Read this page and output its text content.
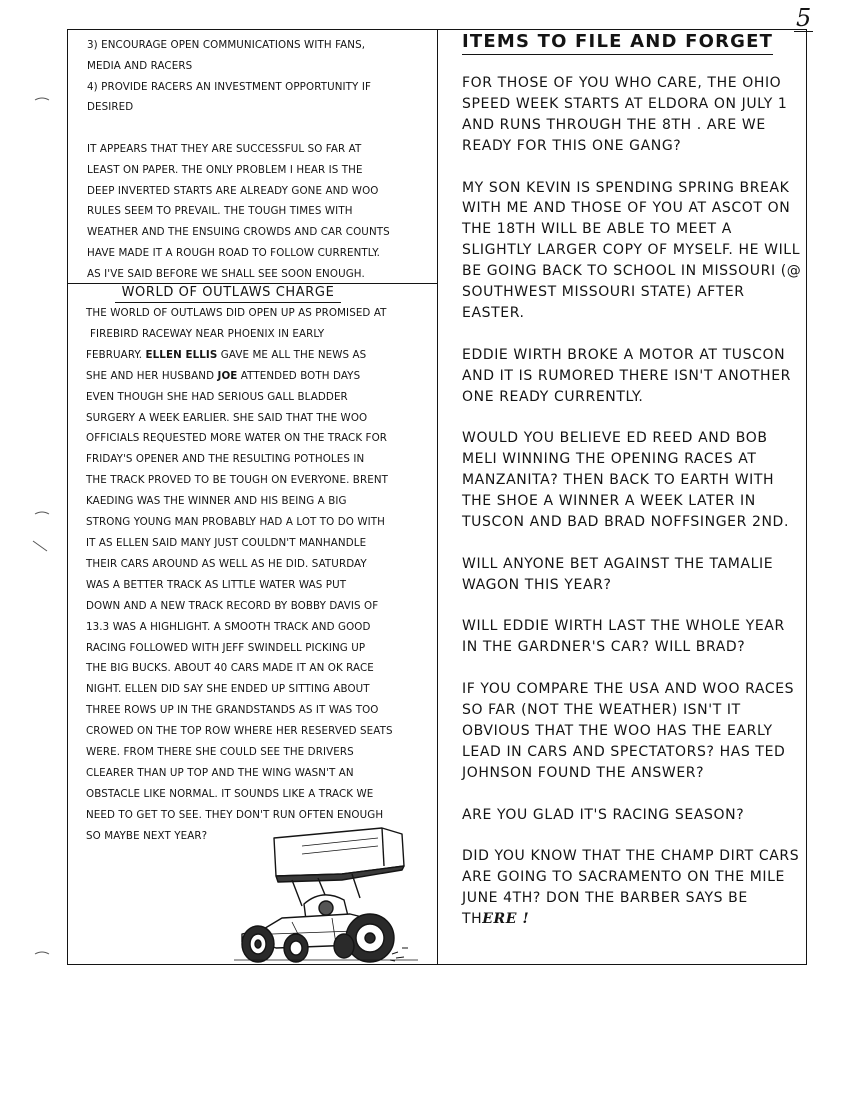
5

3) ENCOURAGE OPEN COMMUNICATIONS WITH FANS,

MEDIA AND RACERS

4) PROVIDE RACERS AN INVESTMENT OPPORTUNITY IF

DESIRED

IT APPEARS THAT THEY ARE SUCCESSFUL SO FAR AT

LEAST ON PAPER. THE ONLY PROBLEM I HEAR IS THE

DEEP INVERTED STARTS ARE ALREADY GONE AND WOO

RULES SEEM TO PREVAIL. THE TOUGH TIMES WITH

WEATHER AND THE ENSUING CROWDS AND CAR COUNTS

HAVE MADE IT A ROUGH ROAD TO FOLLOW CURRENTLY.

AS I'VE SAID BEFORE WE SHALL SEE SOON ENOUGH.

WORLD OF OUTLAWS CHARGE

THE WORLD OF OUTLAWS DID OPEN UP AS PROMISED AT

FIREBIRD RACEWAY NEAR PHOENIX IN EARLY

FEBRUARY. ELLEN ELLIS GAVE ME ALL THE NEWS AS

SHE AND HER HUSBAND JOE ATTENDED BOTH DAYS

EVEN THOUGH SHE HAD SERIOUS GALL BLADDER

SURGERY A WEEK EARLIER. SHE SAID THAT THE WOO

OFFICIALS REQUESTED MORE WATER ON THE TRACK FOR

FRIDAY'S OPENER AND THE RESULTING POTHOLES IN

THE TRACK PROVED TO BE TOUGH ON EVERYONE. BRENT

KAEDING WAS THE WINNER AND HIS BEING A BIG

STRONG YOUNG MAN PROBABLY HAD A LOT TO DO WITH

IT AS ELLEN SAID MANY JUST COULDN'T MANHANDLE

THEIR CARS AROUND AS WELL AS HE DID. SATURDAY

WAS A BETTER TRACK AS LITTLE WATER WAS PUT

DOWN AND A NEW TRACK RECORD BY BOBBY DAVIS OF

13.3 WAS A HIGHLIGHT. A SMOOTH TRACK AND GOOD

RACING FOLLOWED WITH JEFF SWINDELL PICKING UP

THE BIG BUCKS. ABOUT 40 CARS MADE IT AN OK RACE

NIGHT. ELLEN DID SAY SHE ENDED UP SITTING ABOUT

THREE ROWS UP IN THE GRANDSTANDS AS IT WAS TOO

CROWED ON THE TOP ROW WHERE HER RESERVED SEATS

WERE. FROM THERE SHE COULD SEE THE DRIVERS

CLEARER THAN UP TOP AND THE WING WASN'T AN

OBSTACLE LIKE NORMAL. IT SOUNDS LIKE A TRACK WE

NEED TO GET TO SEE. THEY DON'T RUN OFTEN ENOUGH

SO MAYBE NEXT YEAR?

ITEMS TO FILE AND FORGET

FOR THOSE OF YOU WHO CARE, THE OHIO SPEED WEEK STARTS AT ELDORA ON JULY 1 AND RUNS THROUGH THE 8TH . ARE WE READY FOR THIS ONE GANG?

MY SON KEVIN IS SPENDING SPRING BREAK WITH ME AND THOSE OF YOU AT ASCOT ON THE 18TH WILL BE ABLE TO MEET A SLIGHTLY LARGER COPY OF MYSELF. HE WILL BE GOING BACK TO SCHOOL IN MISSOURI (@ SOUTHWEST MISSOURI STATE) AFTER EASTER.

EDDIE WIRTH BROKE A MOTOR AT TUSCON AND IT IS RUMORED THERE ISN'T ANOTHER ONE READY CURRENTLY.

WOULD YOU BELIEVE ED REED AND BOB MELI WINNING THE OPENING RACES AT MANZANITA? THEN BACK TO EARTH WITH THE SHOE A WINNER A WEEK LATER IN TUSCON AND BAD BRAD NOFFSINGER 2ND.

WILL ANYONE BET AGAINST THE TAMALIE WAGON THIS YEAR?

WILL EDDIE WIRTH LAST THE WHOLE YEAR IN THE GARDNER'S CAR? WILL BRAD?

IF YOU COMPARE THE USA AND WOO RACES SO FAR (NOT THE WEATHER) ISN'T IT OBVIOUS THAT THE WOO HAS THE EARLY LEAD IN CARS AND SPECTATORS? HAS TED JOHNSON FOUND THE ANSWER?

ARE YOU GLAD IT'S RACING SEASON?

DID YOU KNOW THAT THE CHAMP DIRT CARS ARE GOING TO SACRAMENTO ON THE MILE JUNE 4TH? DON THE BARBER SAYS BE THERE !
